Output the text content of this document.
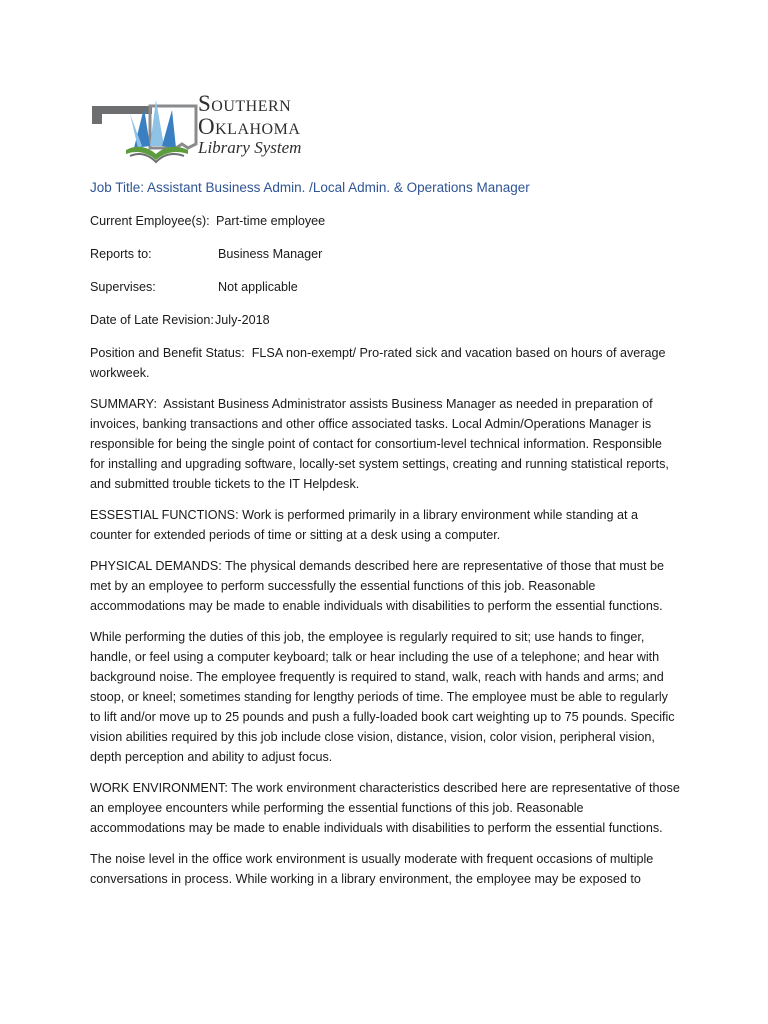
Southern
Oklahoma
Library System

Job Title: Assistant Business Admin. /Local Admin. & Operations Manager

Current Employee(s): Part-time employee

Reports to:	Business Manager

Supervises:	Not applicable

Date of Late Revision:July-2018

Position and Benefit Status: FLSA non-exempt/ Pro-rated sick and vacation based on hours of average workweek.

SUMMARY: Assistant Business Administrator assists Business Manager as needed in preparation of invoices, banking transactions and other office associated tasks. Local Admin/Operations Manager is responsible for being the single point of contact for consortium-level technical information. Responsible for installing and upgrading software, locally-set system settings, creating and running statistical reports, and submitted trouble tickets to the IT Helpdesk.

ESSESTIAL FUNCTIONS: Work is performed primarily in a library environment while standing at a counter for extended periods of time or sitting at a desk using a computer.

PHYSICAL DEMANDS: The physical demands described here are representative of those that must be met by an employee to perform successfully the essential functions of this job. Reasonable accommodations may be made to enable individuals with disabilities to perform the essential functions.

While performing the duties of this job, the employee is regularly required to sit; use hands to finger, handle, or feel using a computer keyboard; talk or hear including the use of a telephone; and hear with background noise. The employee frequently is required to stand, walk, reach with hands and arms; and stoop, or kneel; sometimes standing for lengthy periods of time. The employee must be able to regularly to lift and/or move up to 25 pounds and push a fully-loaded book cart weighting up to 75 pounds. Specific vision abilities required by this job include close vision, distance, vision, color vision, peripheral vision, depth perception and ability to adjust focus.

WORK ENVIRONMENT: The work environment characteristics described here are representative of those an employee encounters while performing the essential functions of this job. Reasonable accommodations may be made to enable individuals with disabilities to perform the essential functions.

The noise level in the office work environment is usually moderate with frequent occasions of multiple conversations in process. While working in a library environment, the employee may be exposed to
